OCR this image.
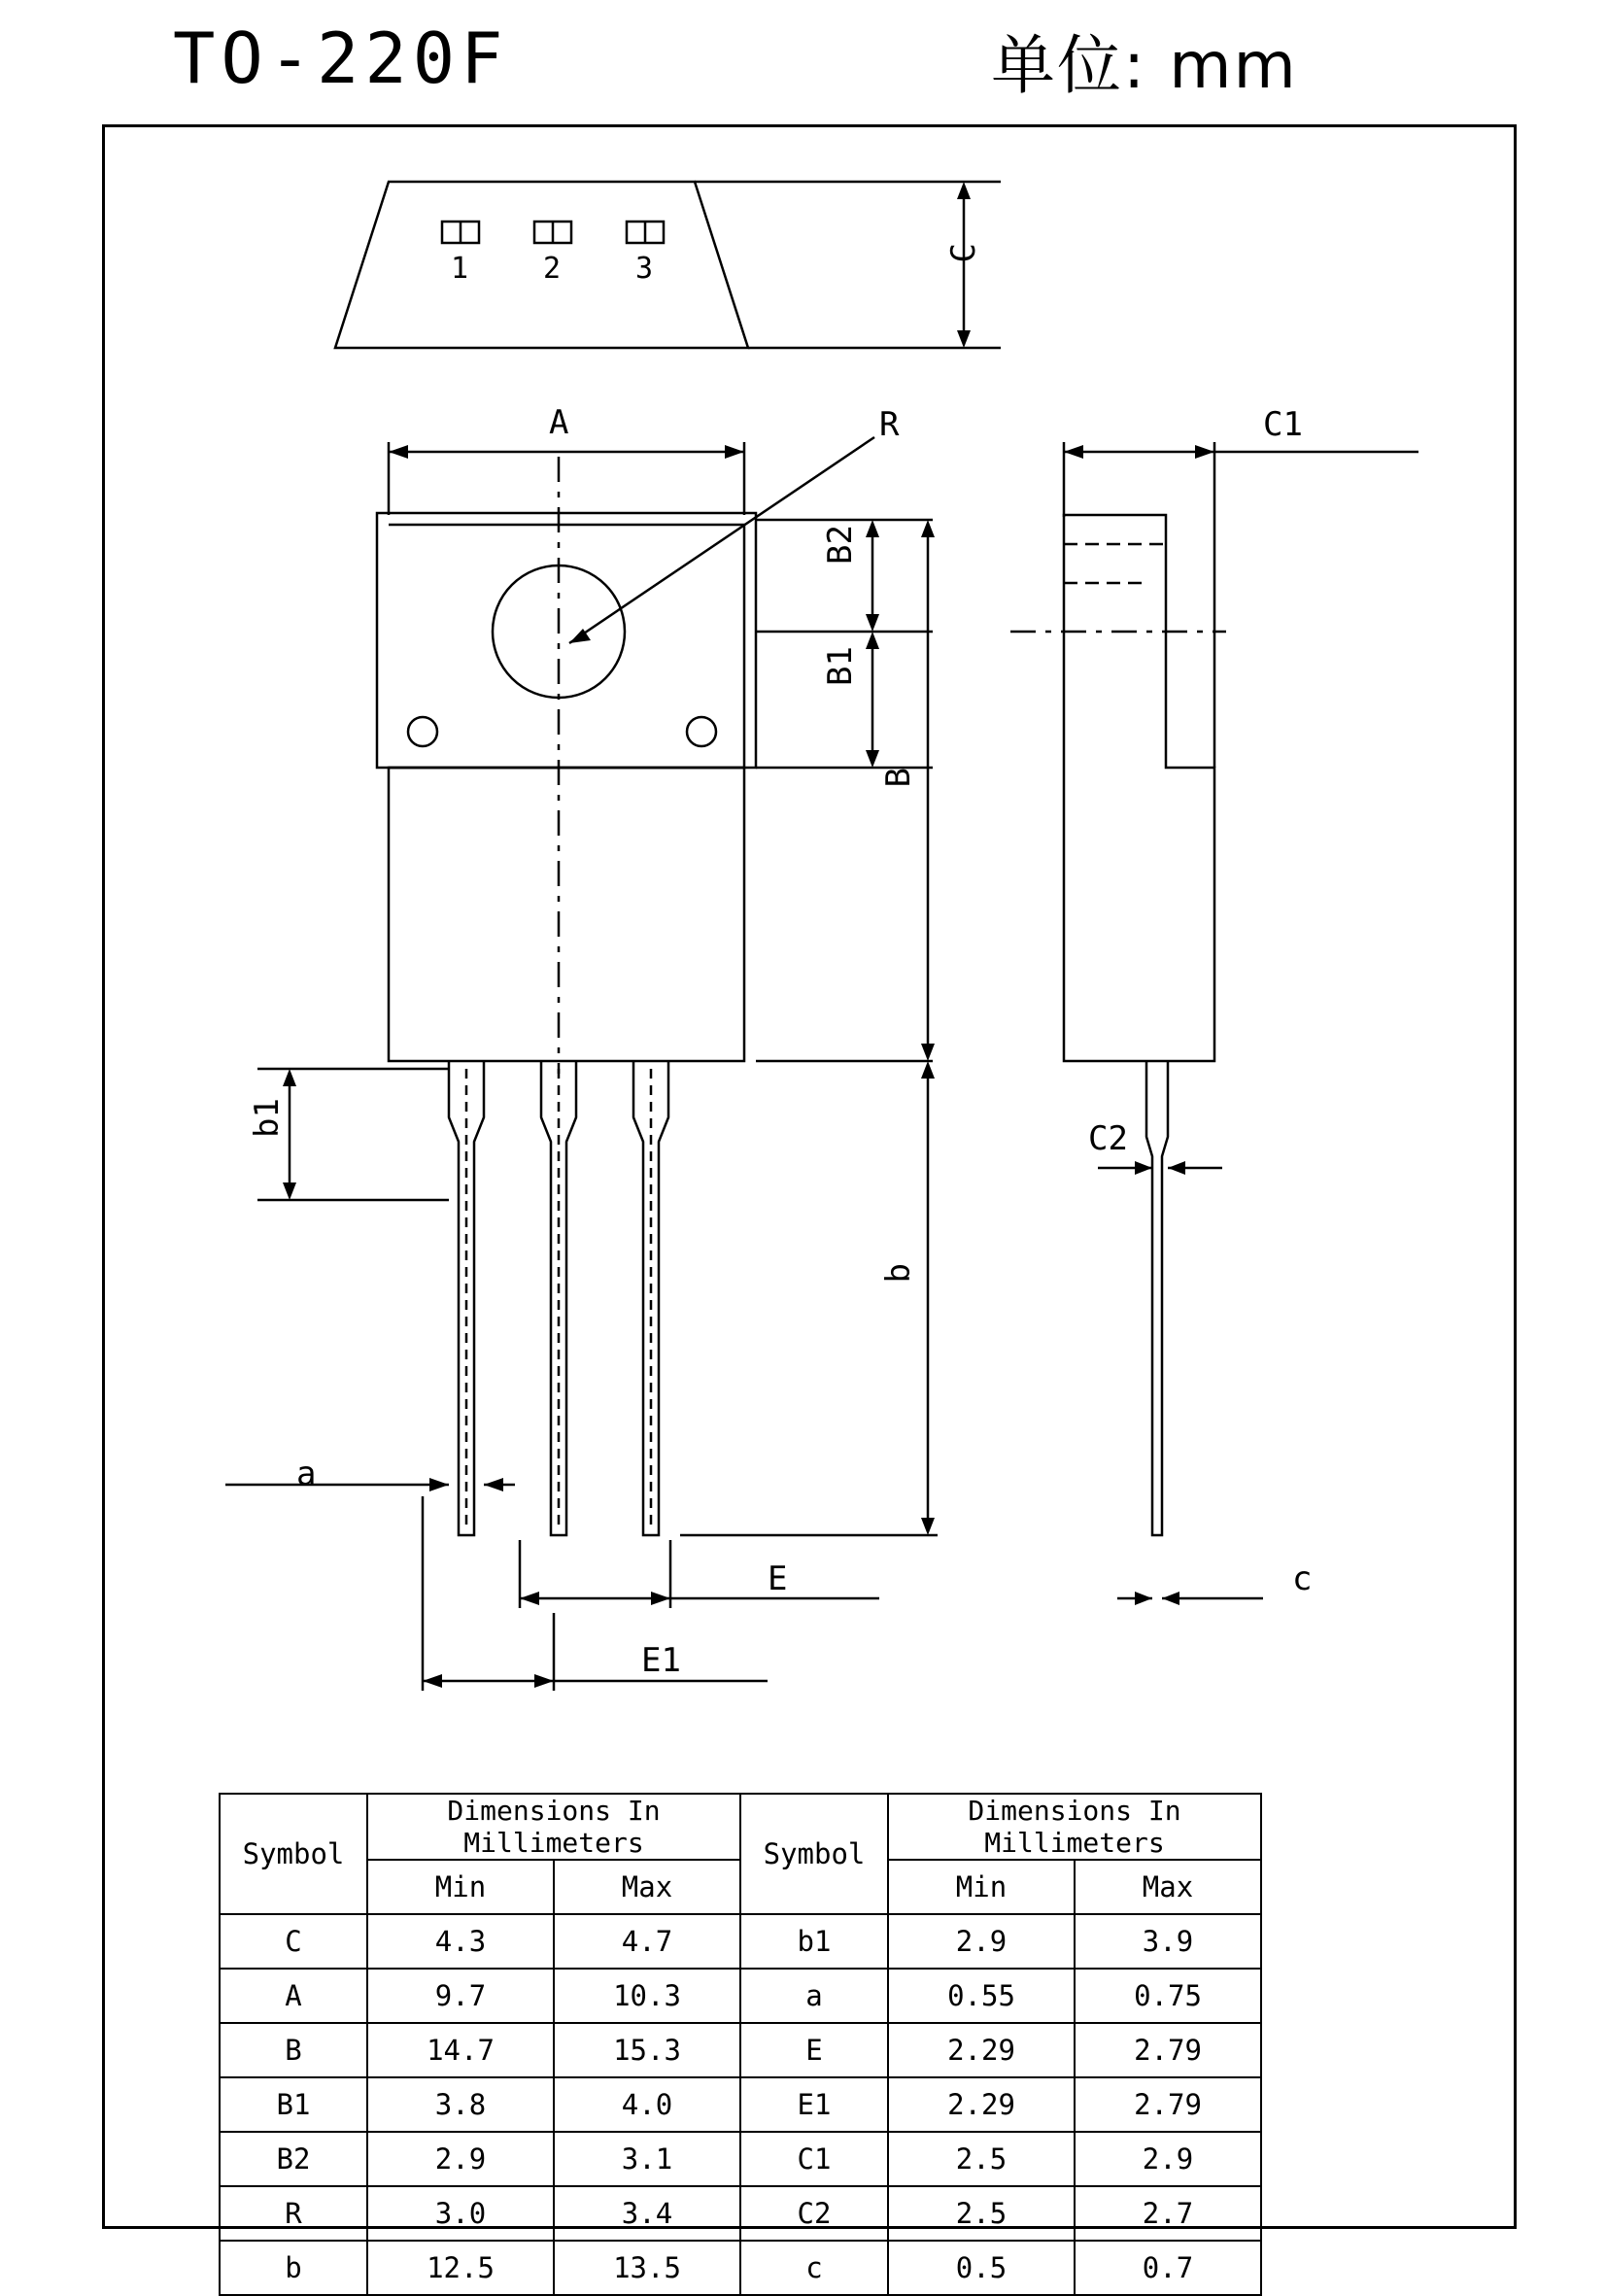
TO-220F	单位: mm
1	2	3	C
A	R	C1
B2
B1
B
b1
b
C2
a
E
E1
c
Symbol	Dimensions In Millimeters		Symbol	Dimensions In Millimeters	
	Min	Max		Min	Max
C	4.3	4.7	b1	2.9	3.9
A	9.7	10.3	a	0.55	0.75
B	14.7	15.3	E	2.29	2.79
B1	3.8	4.0	E1	2.29	2.79
B2	2.9	3.1	C1	2.5	2.9
R	3.0	3.4	C2	2.5	2.7
b	12.5	13.5	c	0.5	0.7
